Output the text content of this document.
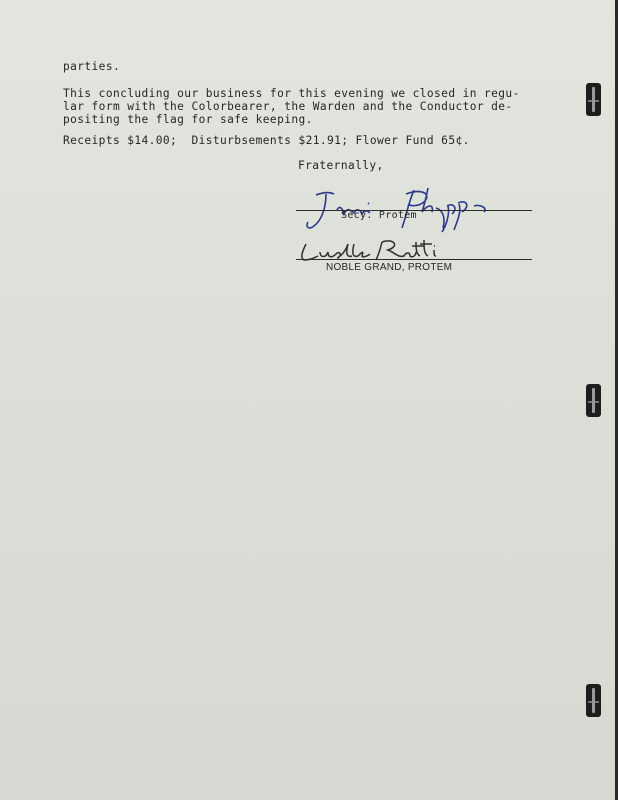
parties.
This concluding our business for this evening we closed in regu-
lar form with the Colorbearer, the Warden and the Conductor de-
positing the flag for safe keeping.
Receipts $14.00;  Disturbsements $21.91; Flower Fund 65¢.
Fraternally,
Secy. Protem
NOBLE GRAND, PROTEM
